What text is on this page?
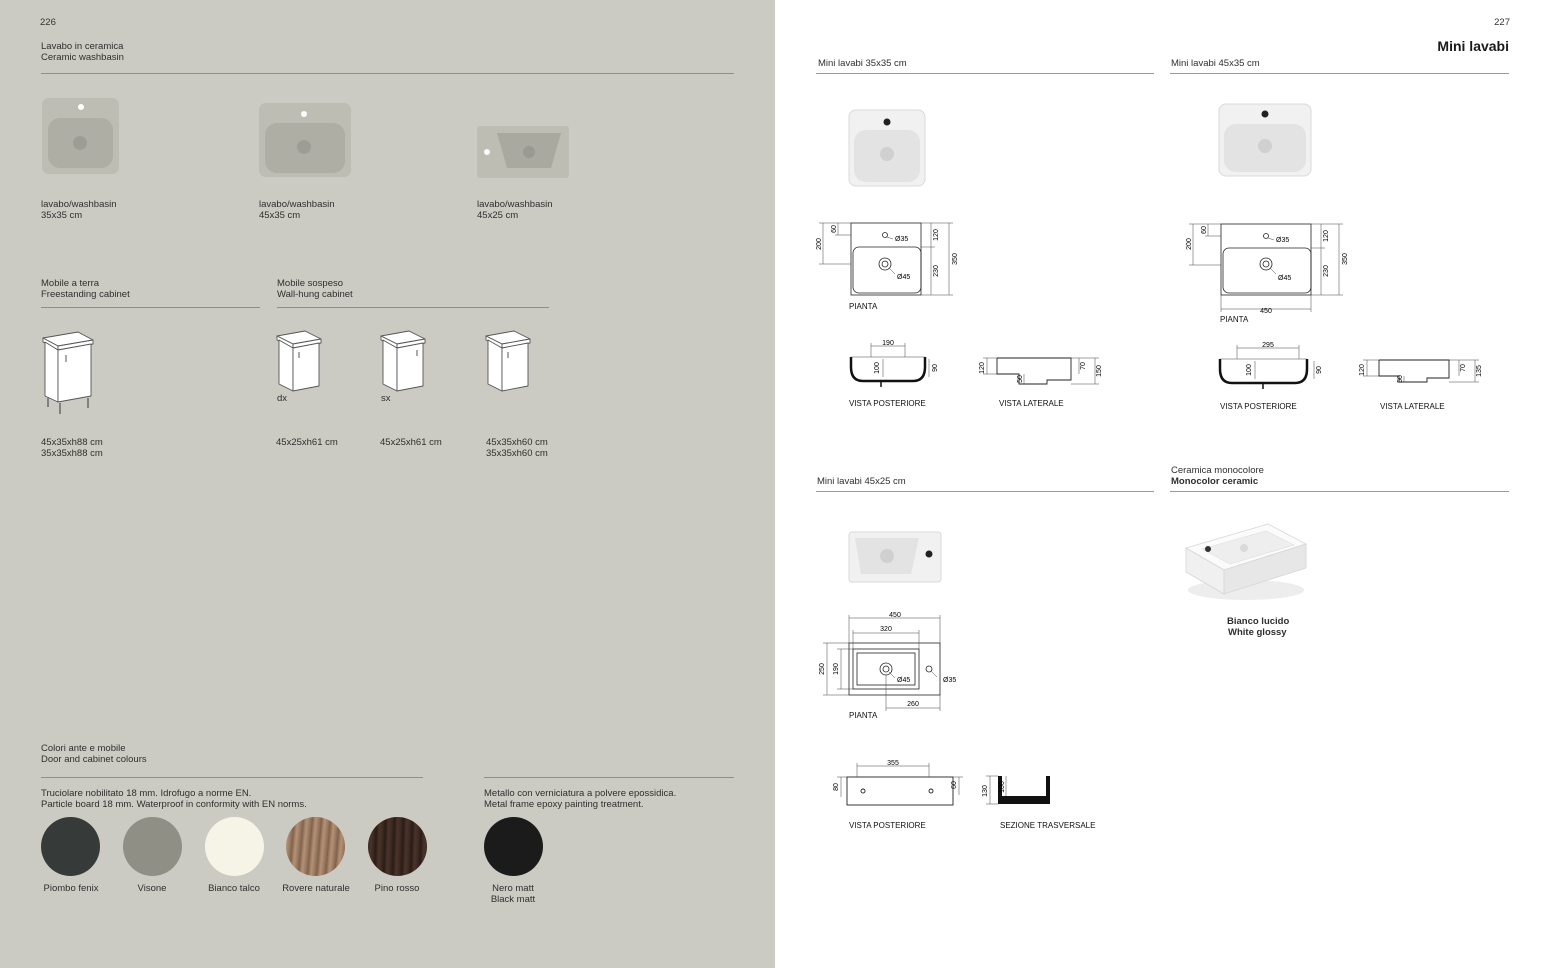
226
Lavabo in ceramica
Ceramic washbasin
lavabo/washbasin
35x35 cm
lavabo/washbasin
45x35 cm
lavabo/washbasin
45x25 cm
Mobile a terra
Freestanding cabinet
Mobile sospeso
Wall-hung cabinet
dx	sx
45x35xh88 cm
35x35xh88 cm
45x25xh61 cm	45x25xh61 cm	45x35xh60 cm
35x35xh60 cm
Colori ante e mobile
Door and cabinet colours
Truciolare nobilitato 18 mm. Idrofugo a norme EN.
Particle board 18 mm. Waterproof in conformity with EN norms.
Metallo con verniciatura a polvere epossidica.
Metal frame epoxy painting treatment.
Piombo fenix	Visone	Bianco talco	Rovere naturale	Pino rosso	Nero matt
Black matt
227
Mini lavabi
Mini lavabi 35x35 cm
200
60
Ø35
Ø45
120
230
350
PIANTA
190
100	90
VISTA POSTERIORE
120
50
70 150
VISTA LATERALE
Mini lavabi 45x35 cm
200
60
Ø35
Ø45
120
230
350
450
PIANTA
295
100	90
VISTA POSTERIORE
120
50
70 135
VISTA LATERALE
Mini lavabi 45x25 cm
450
320
250 190
Ø45	Ø35
260
PIANTA
355
80	60
VISTA POSTERIORE
130 100
SEZIONE TRASVERSALE
Ceramica monocolore
Monocolor ceramic
Bianco lucido
White glossy
